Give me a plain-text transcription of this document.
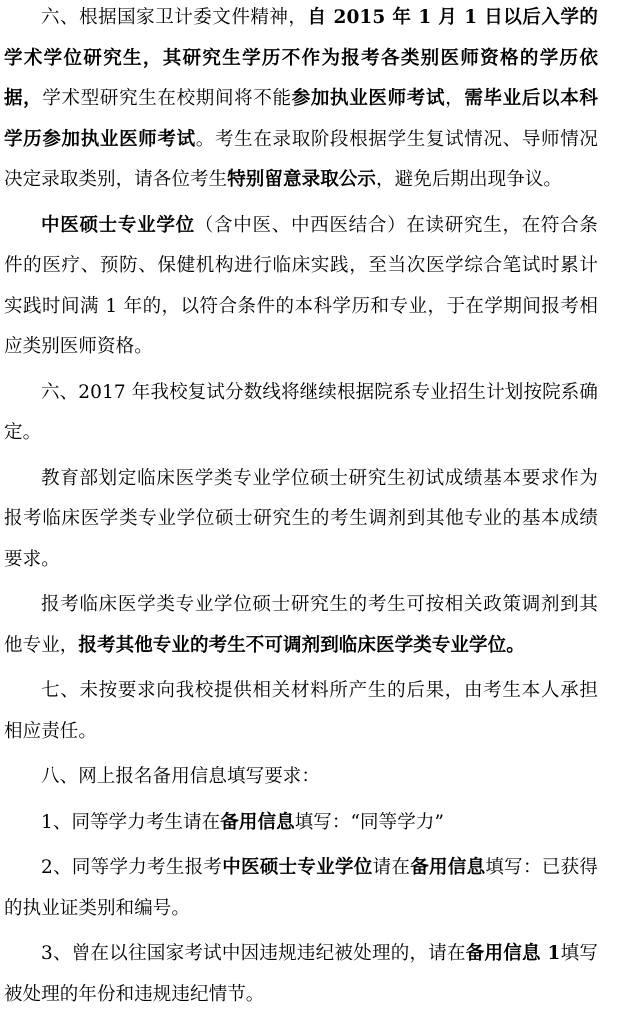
六、根据国家卫计委文件精神，自 2015 年 1 月 1 日以后入学的学术学位研究生，其研究生学历不作为报考各类别医师资格的学历依据，学术型研究生在校期间将不能参加执业医师考试，需毕业后以本科学历参加执业医师考试。考生在录取阶段根据学生复试情况、导师情况决定录取类别，请各位考生特别留意录取公示，避免后期出现争议。

中医硕士专业学位（含中医、中西医结合）在读研究生，在符合条件的医疗、预防、保健机构进行临床实践，至当次医学综合笔试时累计实践时间满 1 年的，以符合条件的本科学历和专业，于在学期间报考相应类别医师资格。

六、2017 年我校复试分数线将继续根据院系专业招生计划按院系确定。

教育部划定临床医学类专业学位硕士研究生初试成绩基本要求作为报考临床医学类专业学位硕士研究生的考生调剂到其他专业的基本成绩要求。

报考临床医学类专业学位硕士研究生的考生可按相关政策调剂到其他专业，报考其他专业的考生不可调剂到临床医学类专业学位。

七、未按要求向我校提供相关材料所产生的后果，由考生本人承担相应责任。

八、网上报名备用信息填写要求：

1、同等学力考生请在备用信息填写：“同等学力”

2、同等学力考生报考中医硕士专业学位请在备用信息填写：已获得的执业证类别和编号。

3、曾在以往国家考试中因违规违纪被处理的，请在备用信息 1填写被处理的年份和违规违纪情节。
